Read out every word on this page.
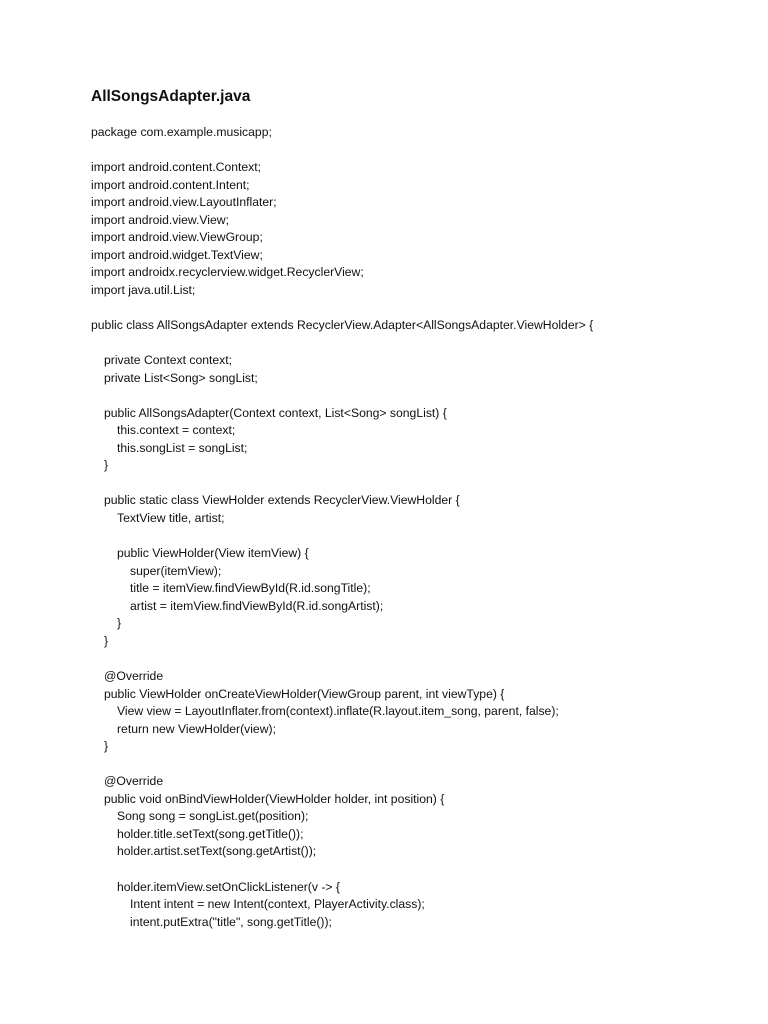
AllSongsAdapter.java
package com.example.musicapp;
import android.content.Context;
import android.content.Intent;
import android.view.LayoutInflater;
import android.view.View;
import android.view.ViewGroup;
import android.widget.TextView;
import androidx.recyclerview.widget.RecyclerView;
import java.util.List;
public class AllSongsAdapter extends RecyclerView.Adapter<AllSongsAdapter.ViewHolder> {
private Context context;
private List<Song> songList;
public AllSongsAdapter(Context context, List<Song> songList) {
this.context = context;
this.songList = songList;
}
public static class ViewHolder extends RecyclerView.ViewHolder {
TextView title, artist;
public ViewHolder(View itemView) {
super(itemView);
title = itemView.findViewById(R.id.songTitle);
artist = itemView.findViewById(R.id.songArtist);
}
}
@Override
public ViewHolder onCreateViewHolder(ViewGroup parent, int viewType) {
View view = LayoutInflater.from(context).inflate(R.layout.item_song, parent, false);
return new ViewHolder(view);
}
@Override
public void onBindViewHolder(ViewHolder holder, int position) {
Song song = songList.get(position);
holder.title.setText(song.getTitle());
holder.artist.setText(song.getArtist());
holder.itemView.setOnClickListener(v -> {
Intent intent = new Intent(context, PlayerActivity.class);
intent.putExtra("title", song.getTitle());
